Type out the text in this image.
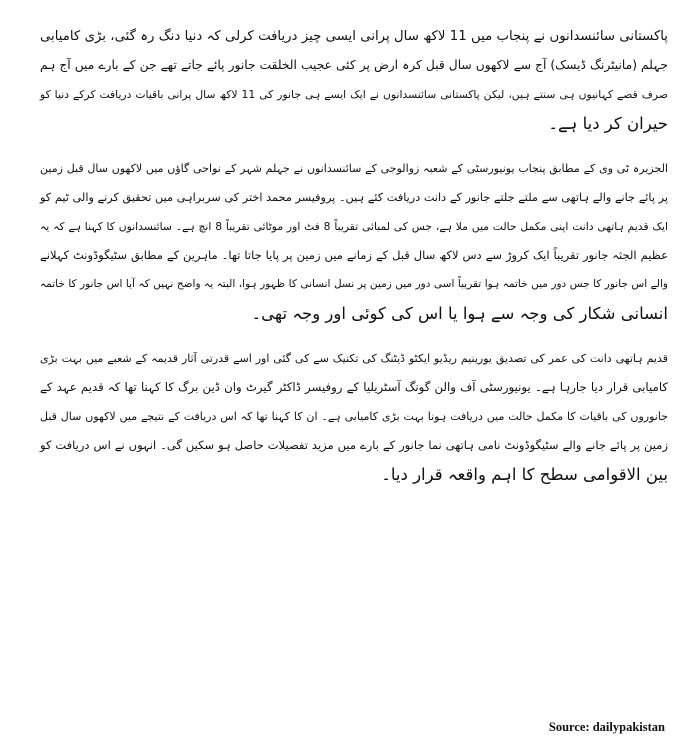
پاکستانی سائنسدانوں نے پنجاب میں 11 لاکھ سال پرانی ایسی چیز دریافت کرلی کہ دنیا دنگ رہ گئی، بڑی کامیابی
جہلم (مانیٹرنگ ڈیسک) آج سے لاکھوں سال قبل کرہ ارض پر کئی عجیب الخلقت جانور پائے جاتے تھے جن کے بارے میں آج ہم
صرف قصے کہانیوں ہی سنتے ہیں، لیکن پاکستانی سائنسدانوں نے ایک ایسے ہی جانور کی 11 لاکھ سال پرانی باقیات دریافت کرکے دنیا کو
حیران کر دیا ہے۔
الجزیرہ ٹی وی کے مطابق پنجاب یونیورسٹی کے شعبہ زوالوجی کے سائنسدانوں نے جہلم شہر کے نواحی گاﺅں میں لاکھوں سال قبل زمین
پر پائے جانے والے ہاتھی سے ملتے جلتے جانور کے دانت دریافت کئے ہیں۔ پروفیسر محمد اختر کی سربراہی میں تحقیق کرنے والی ٹیم کو
ایک قدیم ہاتھی دانت اپنی مکمل حالت میں ملا ہے، جس کی لمبائی تقریباً 8 فٹ اور موٹائی تقریباً 8 انچ ہے۔ سائنسدانوں کا کہنا ہے کہ یہ
عظیم الجثہ جانور تقریباً ایک کروڑ سے دس لاکھ سال قبل کے زمانے میں زمین پر پایا جاتا تھا۔ ماہرین کے مطابق سٹیگوڈونٹ کہلانے
والے اس جانور کا جس دور میں خاتمہ ہوا تقریباً اسی دور میں زمین پر نسل انسانی کا ظہور ہوا، البتہ یہ واضح نہیں کہ آیا اس جانور کا خاتمہ
انسانی شکار کی وجہ سے ہوا یا اس کی کوئی اور وجہ تھی۔
قدیم ہاتھی دانت کی عمر کی تصدیق یورینیم ریڈیو ایکٹو ڈیٹنگ کی تکنیک سے کی گئی اور اسے قدرتی آثار قدیمہ کے شعبے میں بہت بڑی
کامیابی قرار دیا جارہا ہے۔ یونیورسٹی آف والن گونگ آسٹریلیا کے روفیسر ڈاکٹر گیرٹ وان ڈین برگ کا کہنا تھا کہ قدیم عہد کے
جانوروں کی باقیات کا مکمل حالت میں دریافت ہونا بہت بڑی کامیابی ہے۔ ان کا کہنا تھا کہ اس دریافت کے نتیجے میں لاکھوں سال قبل
زمین پر پائے جانے والے سٹیگوڈونٹ نامی ہاتھی نما جانور کے بارے میں مزید تفصیلات حاصل ہو سکیں گی۔ انہوں نے اس دریافت کو
بین الاقوامی سطح کا اہم واقعہ قرار دیا۔
Source: dailypakistan
